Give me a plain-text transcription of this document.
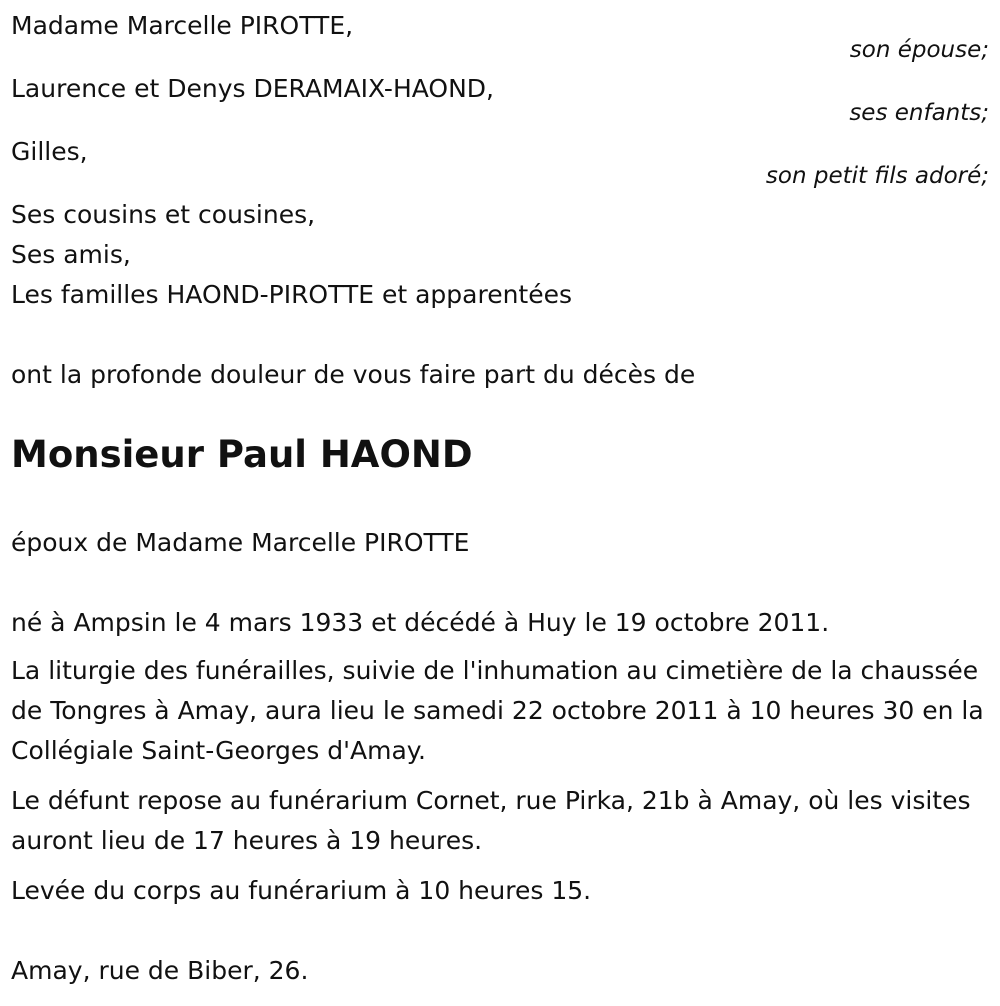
Madame Marcelle PIROTTE,

son épouse;

Laurence et Denys DERAMAIX-HAOND,

ses enfants;

Gilles,

son petit fils adoré;

Ses cousins et cousines,

Ses amis,

Les familles HAOND-PIROTTE et apparentées

ont la profonde douleur de vous faire part du décès de

Monsieur Paul HAOND

époux de Madame Marcelle PIROTTE

né à Ampsin le 4 mars 1933 et décédé à Huy le 19 octobre 2011.

La liturgie des funérailles, suivie de l'inhumation au cimetière de la chaussée de Tongres à Amay, aura lieu le samedi 22 octobre 2011 à 10 heures 30 en la Collégiale Saint-Georges d'Amay.

Le défunt repose au funérarium Cornet, rue Pirka, 21b à Amay, où les visites auront lieu de 17 heures à 19 heures.

Levée du corps au funérarium à 10 heures 15.

Amay, rue de Biber, 26.
